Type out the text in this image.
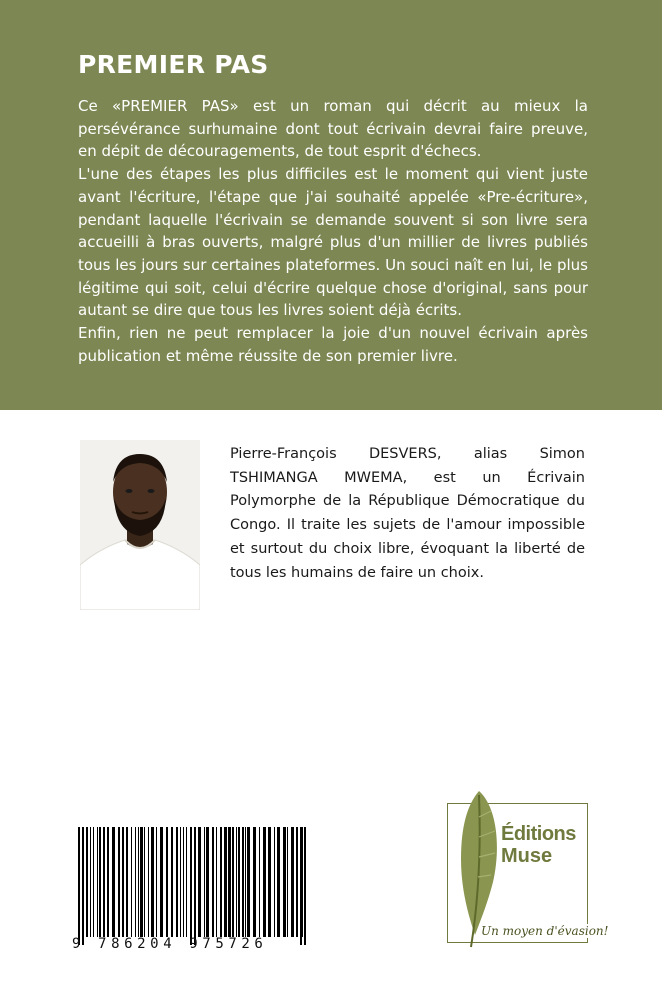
PREMIER PAS

Ce «PREMIER PAS» est un roman qui décrit au mieux la persévérance surhumaine dont tout écrivain devrai faire preuve, en dépit de découragements, de tout esprit d'échecs.

L'une des étapes les plus difficiles est le moment qui vient juste avant l'écriture, l'étape que j'ai souhaité appelée «Pre-écriture», pendant laquelle l'écrivain se demande souvent si son livre sera accueilli à bras ouverts, malgré plus d'un millier de livres publiés tous les jours sur certaines plateformes. Un souci naît en lui, le plus légitime qui soit, celui d'écrire quelque chose d'original, sans pour autant se dire que tous les livres soient déjà écrits.

Enfin, rien ne peut remplacer la joie d'un nouvel écrivain après publication et même réussite de son premier livre.

Pierre-François DESVERS, alias Simon TSHIMANGA MWEMA, est un Écrivain Polymorphe de la République Démocratique du Congo. Il traite les sujets de l'amour impossible et surtout du choix libre, évoquant la liberté de tous les humains de faire un choix.

9 786204 975726
Éditions
Muse
Un moyen d'évasion!
